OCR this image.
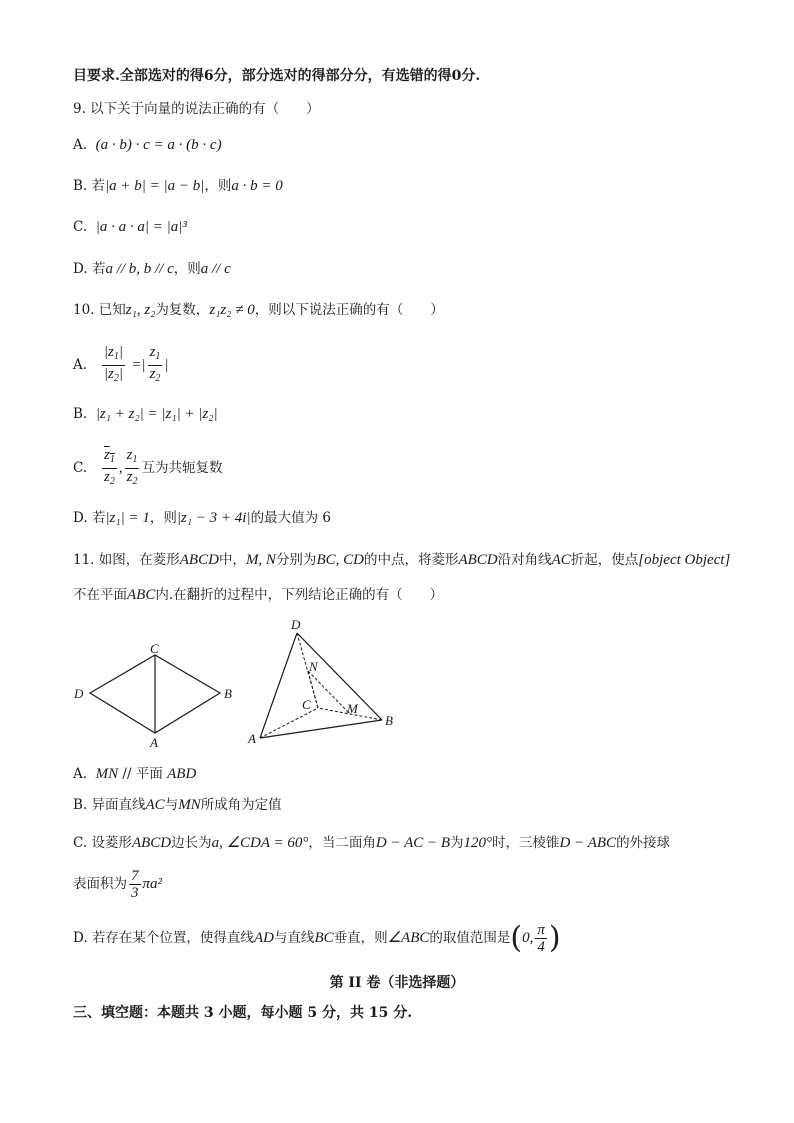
目要求.全部选对的得6分，部分选对的得部分分，有选错的得0分.
9. 以下关于向量的说法正确的有（　　）
A. (a · b) · c = a · (b · c)
B. 若|a + b| = |a − b|，则a · b = 0
C. |a · a · a| = |a|³
D. 若a // b, b // c，则a // c
10. 已知z₁, z₂为复数，z₁z₂ ≠ 0，则以下说法正确的有（　　）
A. $\frac{|z_1|}{|z_2|}$ =| $\frac{z_1}{z_2}$ |
B. |z₁ + z₂| = |z₁| + |z₂|
C. $\frac{z_1}{z_2}$ , $\frac{z_1}{z_2}$ 互为共轭复数
D. 若|z₁| = 1，则|z₁ − 3 + 4i|的最大值为 6
11. 如图，在菱形ABCD中，M, N分别为BC, CD的中点，将菱形ABCD沿对角线AC折起，使点[object Object]
不在平面ABC内.在翻折的过程中，下列结论正确的有（　　）
C
D	B
A
D
N
C	M
A
B
A. MN // 平面 ABD
B. 异面直线AC与MN所成角为定值
C. 设菱形ABCD边长为a, ∠CDA = 60°，当二面角D − AC − B为120°时，三棱锥D − ABC的外接球
表面积为 $\frac{7}{3} \pi a^2$
D. 若存在某个位置，使得直线AD与直线BC垂直，则∠ABC的取值范围是(0, $\frac{\pi}{4}$ )
第 II 卷（非选择题）
三、填空题：本题共 3 小题，每小题 5 分，共 15 分.
